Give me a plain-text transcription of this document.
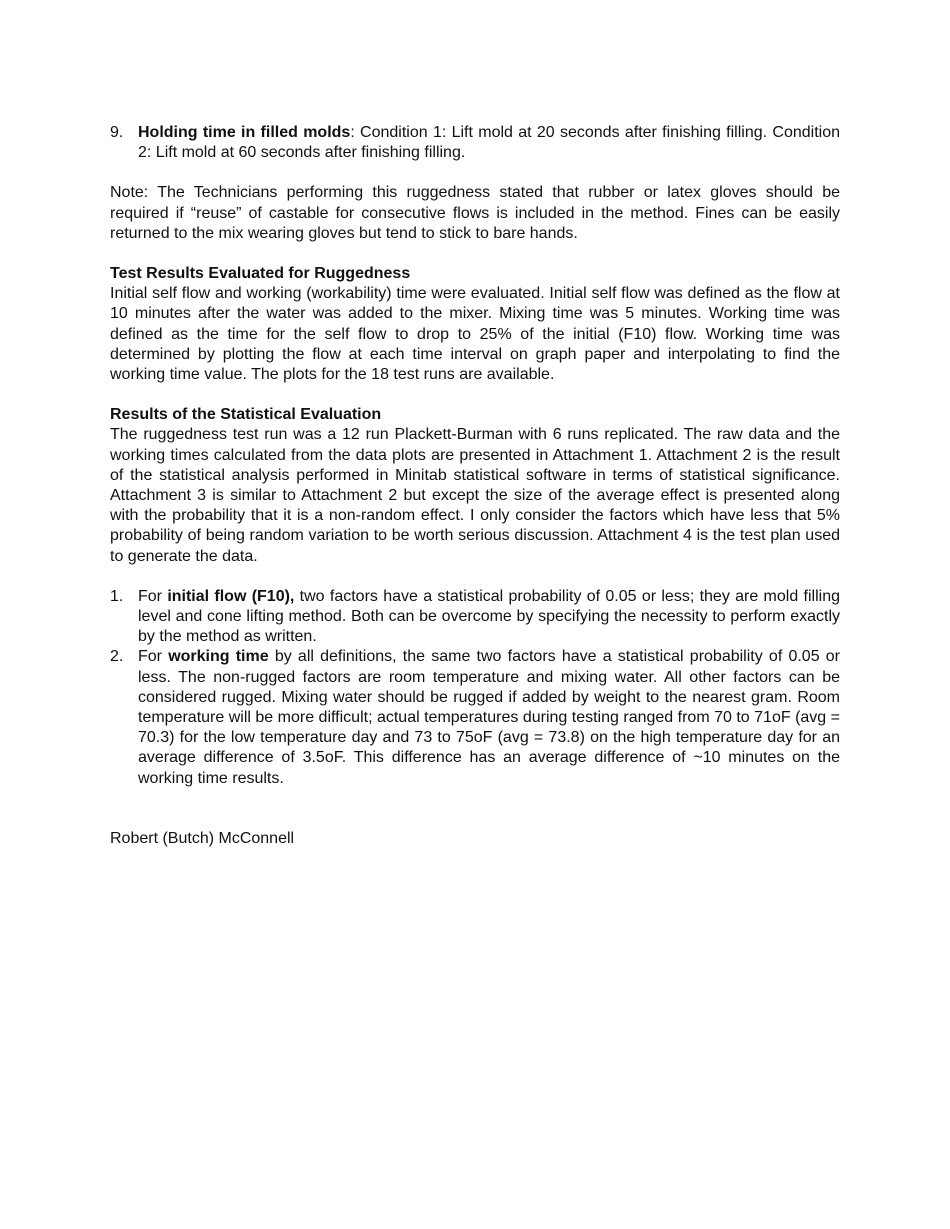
9. Holding time in filled molds: Condition 1: Lift mold at 20 seconds after finishing filling. Condition 2: Lift mold at 60 seconds after finishing filling.

Note: The Technicians performing this ruggedness stated that rubber or latex gloves should be required if “reuse” of castable for consecutive flows is included in the method. Fines can be easily returned to the mix wearing gloves but tend to stick to bare hands.

Test Results Evaluated for Ruggedness

Initial self flow and working (workability) time were evaluated. Initial self flow was defined as the flow at 10 minutes after the water was added to the mixer. Mixing time was 5 minutes. Working time was defined as the time for the self flow to drop to 25% of the initial (F10) flow. Working time was determined by plotting the flow at each time interval on graph paper and interpolating to find the working time value. The plots for the 18 test runs are available.

Results of the Statistical Evaluation

The ruggedness test run was a 12 run Plackett-Burman with 6 runs replicated. The raw data and the working times calculated from the data plots are presented in Attachment 1. Attachment 2 is the result of the statistical analysis performed in Minitab statistical software in terms of statistical significance. Attachment 3 is similar to Attachment 2 but except the size of the average effect is presented along with the probability that it is a non-random effect. I only consider the factors which have less that 5% probability of being random variation to be worth serious discussion. Attachment 4 is the test plan used to generate the data.

1. For initial flow (F10), two factors have a statistical probability of 0.05 or less; they are mold filling level and cone lifting method. Both can be overcome by specifying the necessity to perform exactly by the method as written.
2. For working time by all definitions, the same two factors have a statistical probability of 0.05 or less. The non-rugged factors are room temperature and mixing water. All other factors can be considered rugged. Mixing water should be rugged if added by weight to the nearest gram. Room temperature will be more difficult; actual temperatures during testing ranged from 70 to 71oF (avg = 70.3) for the low temperature day and 73 to 75oF (avg = 73.8) on the high temperature day for an average difference of 3.5oF. This difference has an average difference of ~10 minutes on the working time results.

Robert (Butch) McConnell
